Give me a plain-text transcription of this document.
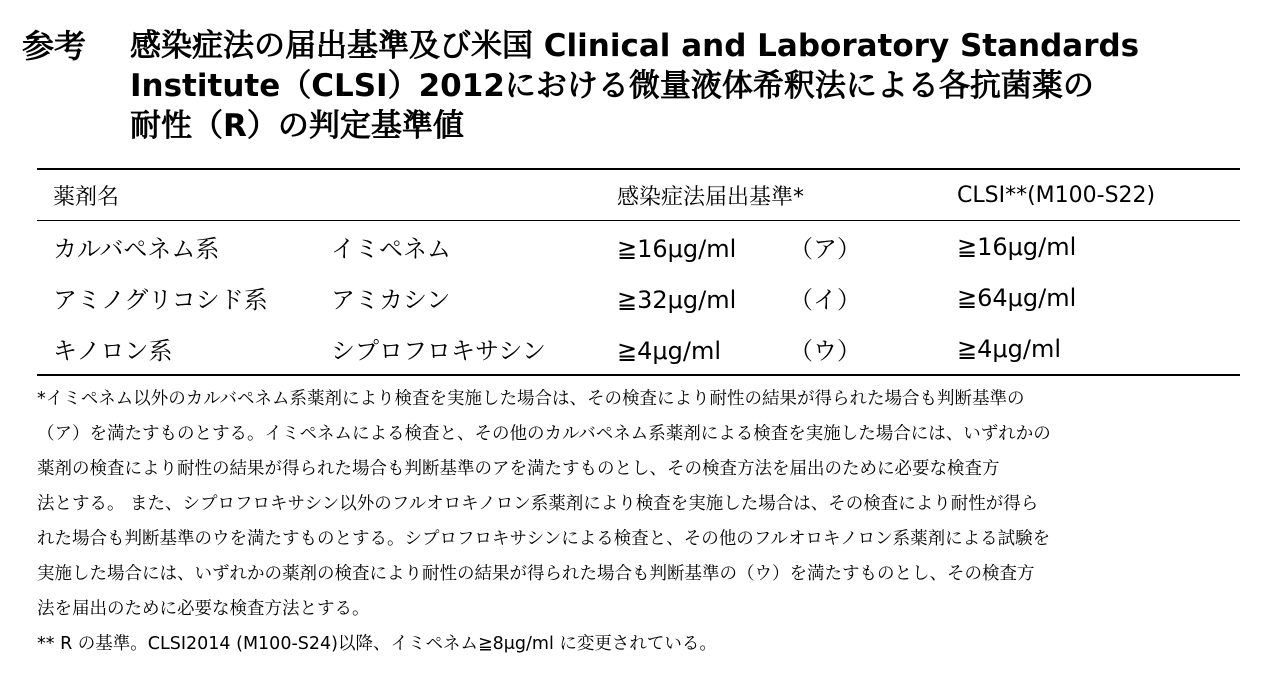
参考	感染症法の届出基準及び米国 Clinical and Laboratory Standards
Institute（CLSI）2012における微量液体希釈法による各抗菌薬の
耐性（R）の判定基準値
薬剤名		感染症法届出基準*	CLSI**(M100-S22)
カルバペネム系	イミペネム	≧16μg/ml （ア）	≧16μg/ml
アミノグリコシド系	アミカシン	≧32μg/ml （イ）	≧64μg/ml
キノロン系	シプロフロキサシン	≧4μg/ml （ウ）	≧4μg/ml
*イミペネム以外のカルバペネム系薬剤により検査を実施した場合は、その検査により耐性の結果が得られた場合も判断基準の
（ア）を満たすものとする。イミペネムによる検査と、その他のカルバペネム系薬剤による検査を実施した場合には、いずれかの
薬剤の検査により耐性の結果が得られた場合も判断基準のアを満たすものとし、その検査方法を届出のために必要な検査方
法とする。 また、シプロフロキサシン以外のフルオロキノロン系薬剤により検査を実施した場合は、その検査により耐性が得ら
れた場合も判断基準のウを満たすものとする。シプロフロキサシンによる検査と、その他のフルオロキノロン系薬剤による試験を
実施した場合には、いずれかの薬剤の検査により耐性の結果が得られた場合も判断基準の（ウ）を満たすものとし、その検査方
法を届出のために必要な検査方法とする。
** R の基準。CLSI2014 (M100-S24)以降、イミペネム≧8μg/ml に変更されている。
